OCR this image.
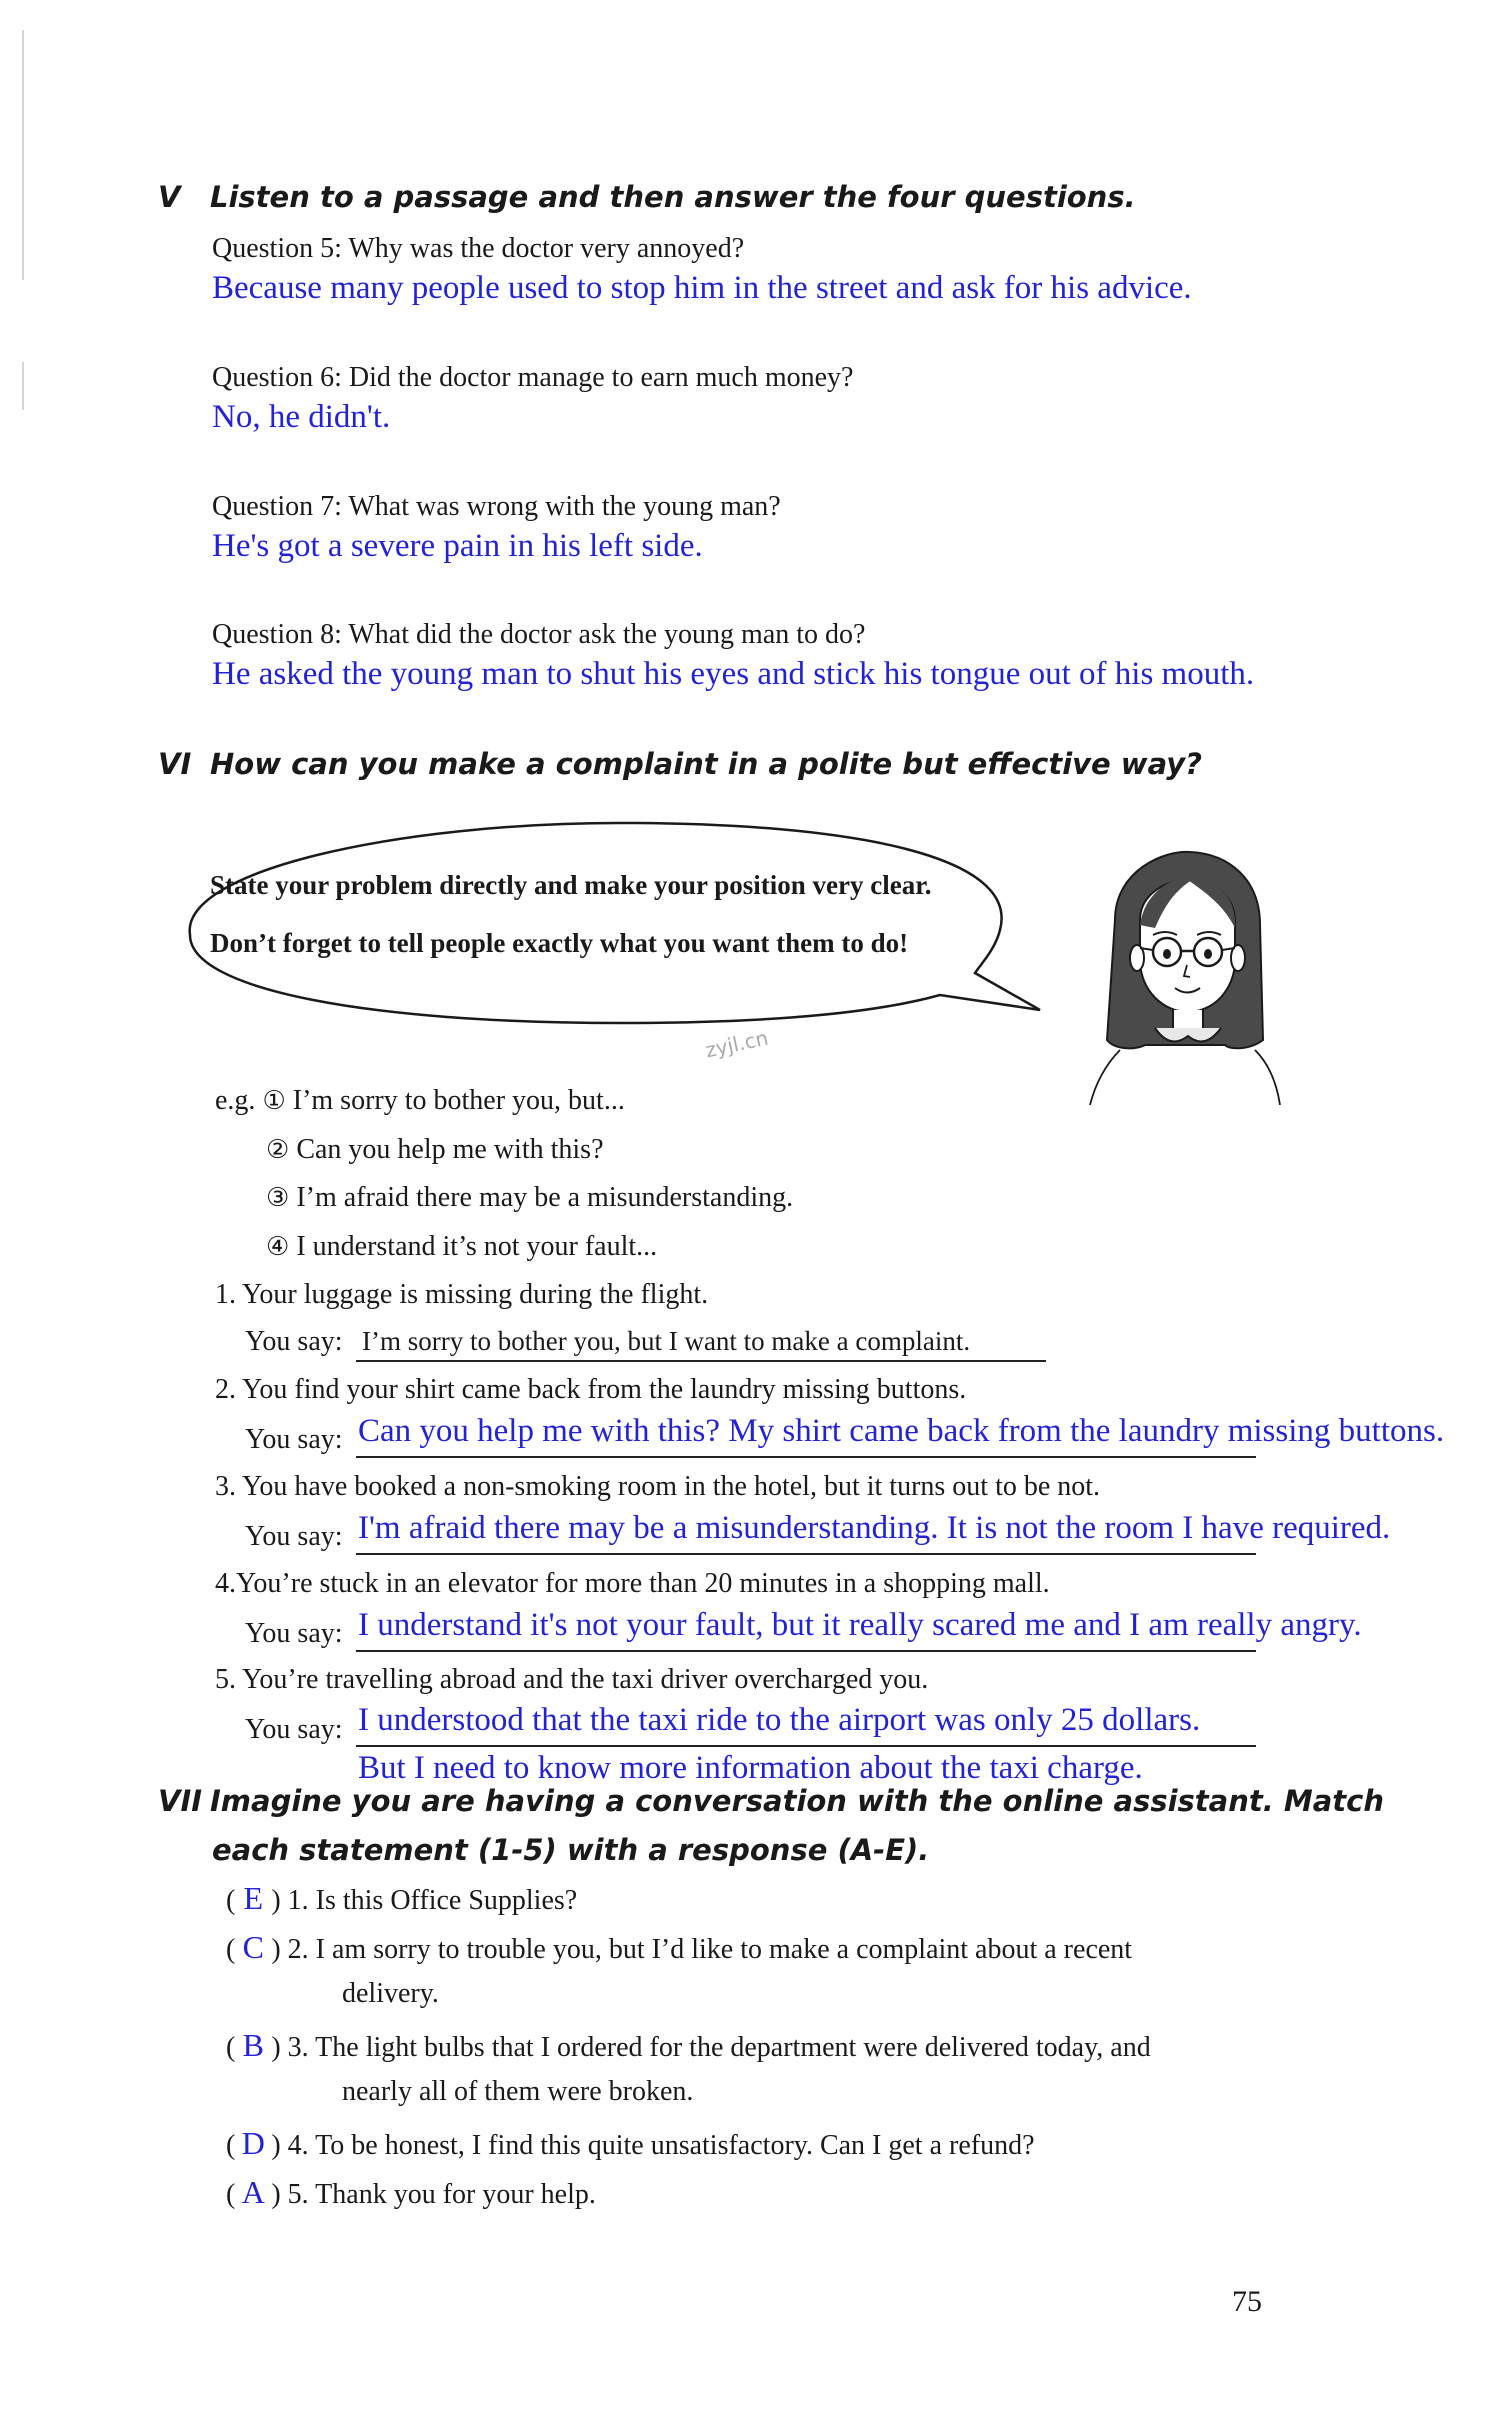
V Listen to a passage and then answer the four questions.
Question 5: Why was the doctor very annoyed?
Because many people used to stop him in the street and ask for his advice.
Question 6: Did the doctor manage to earn much money?
No, he didn't.
Question 7: What was wrong with the young man?
He's got a severe pain in his left side.
Question 8: What did the doctor ask the young man to do?
He asked the young man to shut his eyes and stick his tongue out of his mouth.
VI How can you make a complaint in a polite but effective way?
State your problem directly and make your position very clear.
Don’t forget to tell people exactly what you want them to do!
zyjl.cn
e.g. ① I’m sorry to bother you, but...
② Can you help me with this?
③ I’m afraid there may be a misunderstanding.
④ I understand it’s not your fault...
1. Your luggage is missing during the flight.
You say: I’m sorry to bother you, but I want to make a complaint.
2. You find your shirt came back from the laundry missing buttons.
You say: Can you help me with this? My shirt came back from the laundry missing buttons.
3. You have booked a non-smoking room in the hotel, but it turns out to be not.
You say: I'm afraid there may be a misunderstanding. It is not the room I have required.
4.You’re stuck in an elevator for more than 20 minutes in a shopping mall.
You say: I understand it's not your fault, but it really scared me and I am really angry.
5. You’re travelling abroad and the taxi driver overcharged you.
You say: I understood that the taxi ride to the airport was only 25 dollars.
But I need to know more information about the taxi charge.
VII Imagine you are having a conversation with the online assistant. Match
each statement (1-5) with a response (A-E).
( E ) 1. Is this Office Supplies?
( C ) 2. I am sorry to trouble you, but I’d like to make a complaint about a recent
delivery.
( B ) 3. The light bulbs that I ordered for the department were delivered today, and
nearly all of them were broken.
( D ) 4. To be honest, I find this quite unsatisfactory. Can I get a refund?
( A ) 5. Thank you for your help.
75
